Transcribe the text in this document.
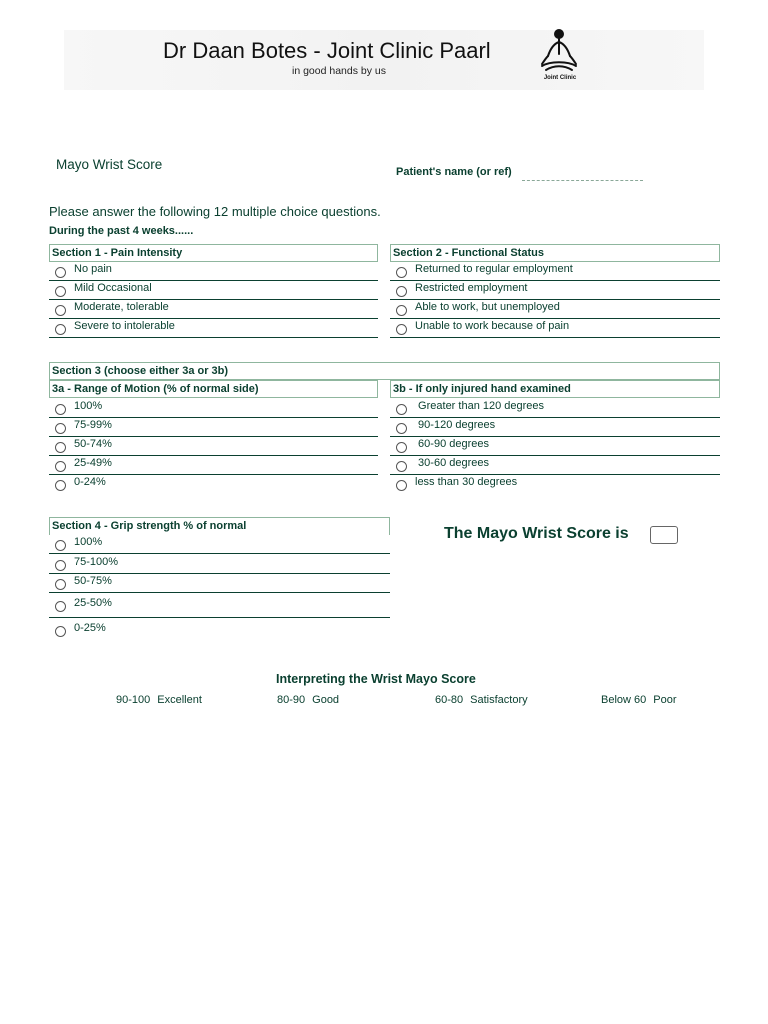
Dr Daan Botes - Joint Clinic Paarl
in good hands by us
Joint Clinic
Mayo Wrist Score	Patient's name (or ref)
Please answer the following 12 multiple choice questions.
During the past 4 weeks......
Section 1 - Pain Intensity
No pain
Mild Occasional
Moderate, tolerable
Severe to intolerable
Section 2 - Functional Status
Returned to regular employment
Restricted employment
Able to work, but unemployed
Unable to work because of pain
Section 3 (choose either 3a or 3b)
3a - Range of Motion (% of normal side)	3b - If only injured hand examined
100%
75-99%
50-74%
25-49%
0-24%
Greater than 120 degrees
90-120 degrees
60-90 degrees
30-60 degrees
less than 30 degrees
Section 4 - Grip strength % of normal
100%
75-100%
50-75%
25-50%
0-25%
The Mayo Wrist Score is
Interpreting the Wrist Mayo Score
90-100 Excellent	80-90 Good	60-80 Satisfactory	Below 60 Poor
